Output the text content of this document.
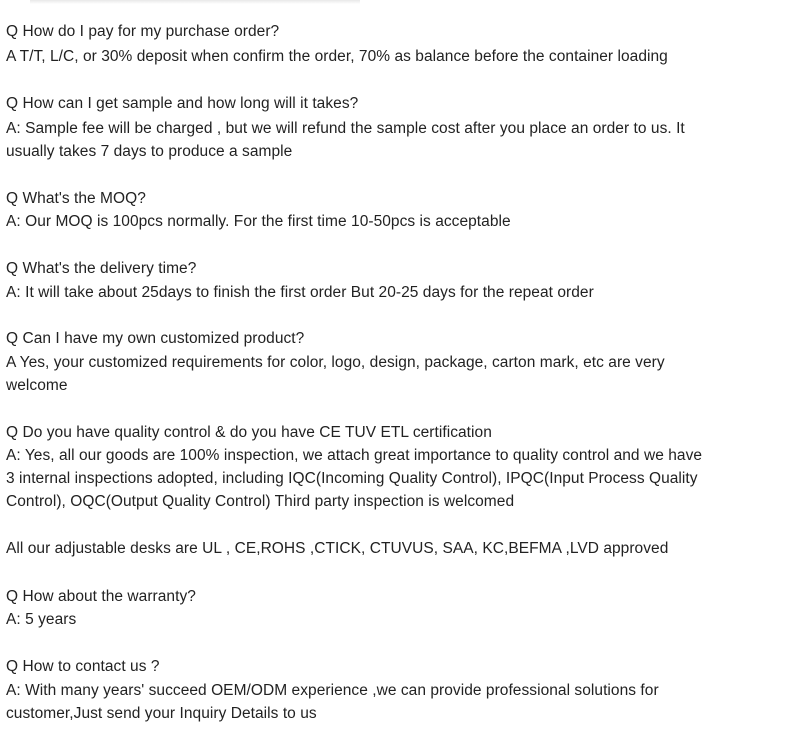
Q How do I pay for my purchase order?
A T/T, L/C, or 30% deposit when confirm the order, 70% as balance before the container loading
Q How can I get sample and how long will it takes?
A: Sample fee will be charged , but we will refund the sample cost after you place an order to us. It
usually takes 7 days to produce a sample
Q What's the MOQ?
A: Our MOQ is 100pcs normally. For the first time 10-50pcs is acceptable
Q What's the delivery time?
A: It will take about 25days to finish the first order But 20-25 days for the repeat order
Q Can I have my own customized product?
A Yes, your customized requirements for color, logo, design, package, carton mark, etc are very
welcome
Q Do you have quality control & do you have CE TUV ETL certification
A: Yes, all our goods are 100% inspection, we attach great importance to quality control and we have
3 internal inspections adopted, including IQC(Incoming Quality Control), IPQC(Input Process Quality
Control), OQC(Output Quality Control) Third party inspection is welcomed
All our adjustable desks are UL , CE,ROHS ,CTICK, CTUVUS, SAA, KC,BEFMA ,LVD approved
Q How about the warranty?
A: 5 years
Q How to contact us ?
A: With many years' succeed OEM/ODM experience ,we can provide professional solutions for
customer,Just send your Inquiry Details to us
